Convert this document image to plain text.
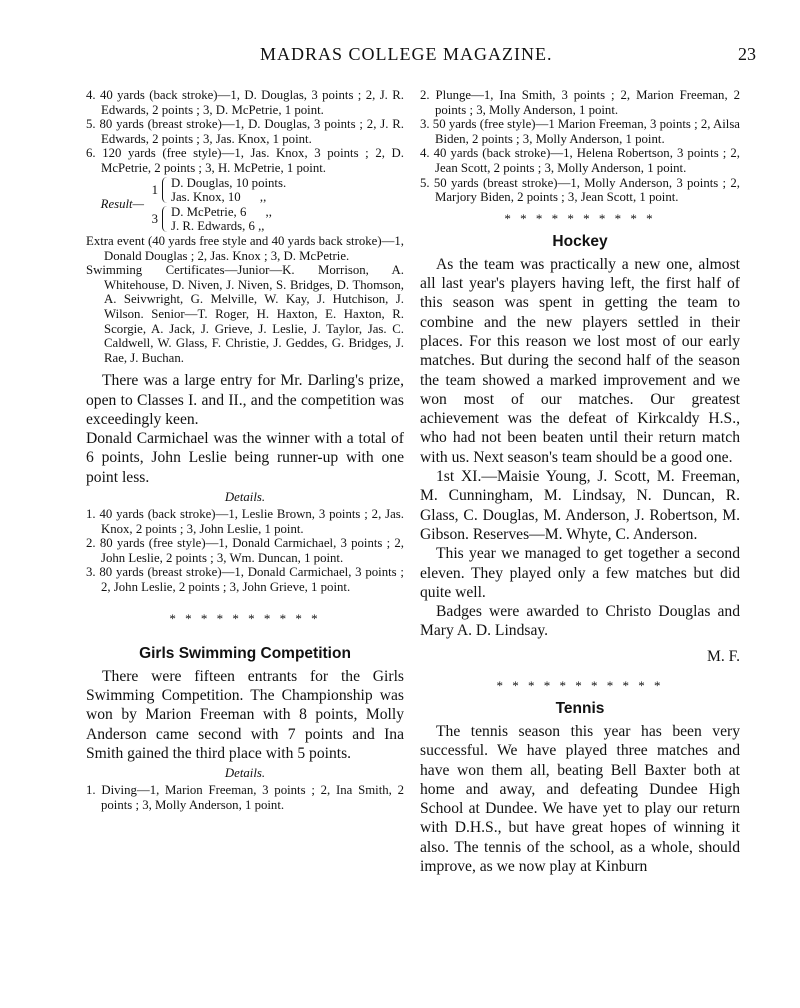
MADRAS COLLEGE MAGAZINE.	23

4. 40 yards (back stroke)—1, D. Douglas, 3 points ; 2, J. R. Edwards, 2 points ; 3, D. McPetrie, 1 point.

5. 80 yards (breast stroke)—1, D. Douglas, 3 points ; 2, J. R. Edwards, 2 points ; 3, Jas. Knox, 1 point.

6. 120 yards (free style)—1, Jas. Knox, 3 points ; 2, D. McPetrie, 2 points ; 3, H. McPetrie, 1 point.

Result—
1
D. Douglas, 10 points.
Jas. Knox, 10      ,,
3
D. McPetrie, 6      ,,
J. R. Edwards, 6 ,,

Extra event (40 yards free style and 40 yards back stroke)—1, Donald Douglas ; 2, Jas. Knox ; 3, D. McPetrie.

Swimming Certificates—Junior—K. Morrison, A. Whitehouse, D. Niven, J. Niven, S. Bridges, D. Thomson, A. Seivwright, G. Melville, W. Kay, J. Hutchison, J. Wilson. Senior—T. Roger, H. Haxton, E. Haxton, R. Scorgie, A. Jack, J. Grieve, J. Leslie, J. Taylor, Jas. C. Caldwell, W. Glass, F. Christie, J. Geddes, G. Bridges, J. Rae, J. Buchan.

There was a large entry for Mr. Darling's prize, open to Classes I. and II., and the competition was exceedingly keen.

Donald Carmichael was the winner with a total of 6 points, John Leslie being runner-up with one point less.

Details.

1. 40 yards (back stroke)—1, Leslie Brown, 3 points ; 2, Jas. Knox, 2 points ; 3, John Leslie, 1 point.

2. 80 yards (free style)—1, Donald Carmichael, 3 points ; 2, John Leslie, 2 points ; 3, Wm. Duncan, 1 point.

3. 80 yards (breast stroke)—1, Donald Carmichael, 3 points ; 2, John Leslie, 2 points ; 3, John Grieve, 1 point.

* * * * * * * * * *
Girls Swimming Competition

There were fifteen entrants for the Girls Swimming Competition. The Championship was won by Marion Freeman with 8 points, Molly Anderson came second with 7 points and Ina Smith gained the third place with 5 points.

Details.

1. Diving—1, Marion Freeman, 3 points ; 2, Ina Smith, 2 points ; 3, Molly Anderson, 1 point.

2. Plunge—1, Ina Smith, 3 points ; 2, Marion Freeman, 2 points ; 3, Molly Anderson, 1 point.

3. 50 yards (free style)—1 Marion Freeman, 3 points ; 2, Ailsa Biden, 2 points ; 3, Molly Anderson, 1 point.

4. 40 yards (back stroke)—1, Helena Robertson, 3 points ; 2, Jean Scott, 2 points ; 3, Molly Anderson, 1 point.

5. 50 yards (breast stroke)—1, Molly Anderson, 3 points ; 2, Marjory Biden, 2 points ; 3, Jean Scott, 1 point.

* * * * * * * * * *
Hockey

As the team was practically a new one, almost all last year's players having left, the first half of this season was spent in getting the team to combine and the new players settled in their places. For this reason we lost most of our early matches. But during the second half of the season the team showed a marked improvement and we won most of our matches. Our greatest achievement was the defeat of Kirkcaldy H.S., who had not been beaten until their return match with us. Next season's team should be a good one.

1st XI.—Maisie Young, J. Scott, M. Freeman, M. Cunningham, M. Lindsay, N. Duncan, R. Glass, C. Douglas, M. Anderson, J. Robertson, M. Gibson. Reserves—M. Whyte, C. Anderson.

This year we managed to get together a second eleven. They played only a few matches but did quite well.

Badges were awarded to Christo Douglas and Mary A. D. Lindsay.

M. F.

* * * * * * * * * * *
Tennis

The tennis season this year has been very successful. We have played three matches and have won them all, beating Bell Baxter both at home and away, and defeating Dundee High School at Dundee. We have yet to play our return with D.H.S., but have great hopes of winning it also. The tennis of the school, as a whole, should improve, as we now play at Kinburn
